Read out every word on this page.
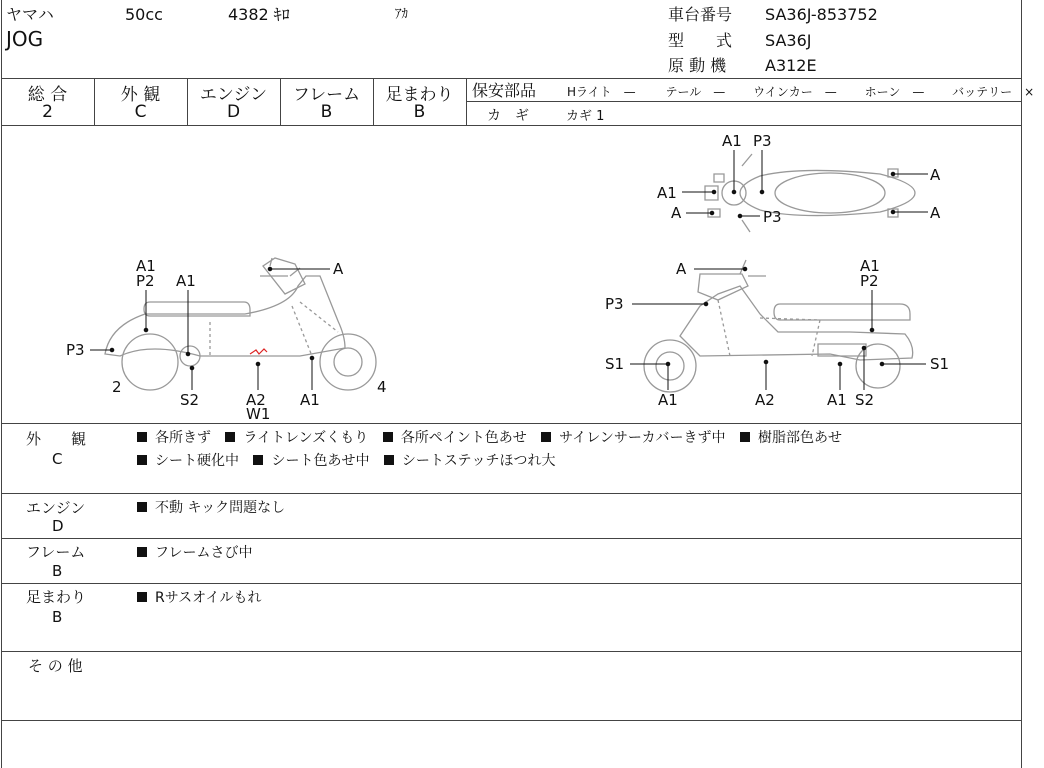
ヤマハ	50cc	4382 ｷﾛ	ｱｶ
JOG
車台番号 SA36J-853752
型　　式 SA36J
原 動 機 A312E
総 合
2
外 観
C
エンジン
D
フレーム
B
足まわり
B
保安部品	Hライト　— テール　— ウインカー　— ホーン　— バッテリー　×
カ　ギ	カギ 1
A1 P3
A1
A	P3
A
A
A1
P2 A1
A
P3
2
S2	A2
W1
A1
4
A	A1
P2
P3
S1
A1	A2	A1 S2
S1
外　　観
C
各所きず ライトレンズくもり 各所ペイント色あせ サイレンサーカバーきず中 樹脂部色あせ
シート硬化中 シート色あせ中 シートステッチほつれ大
エンジン
D
不動 キック問題なし
フレーム
B
フレームさび中
足まわり
B
Rサスオイルもれ
そ の 他
